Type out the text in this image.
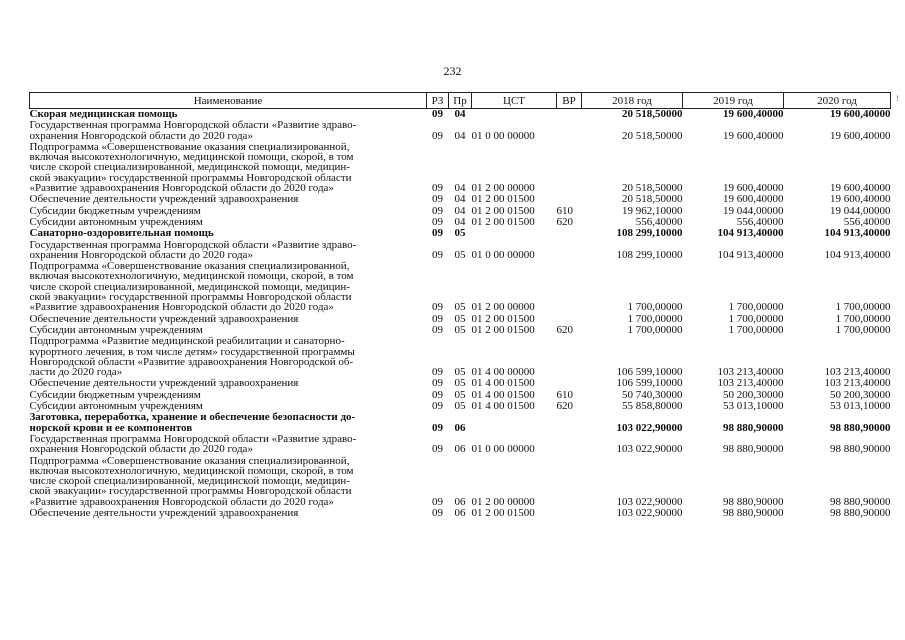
232
!
Наименование	РЗ	Пр	ЦСТ	ВР	2018 год	2019 год	2020 год
Скорая медицинская помощь	09	04			20 518,50000	19 600,40000	19 600,40000
Государственная программа Новгородской области «Развитие здраво-
охранения Новгородской области до 2020 года»	09	04	01 0 00 00000		20 518,50000	19 600,40000	19 600,40000
Подпрограмма «Совершенствование оказания специализированной,
включая высокотехнологичную, медицинской помощи, скорой, в том
числе скорой специализированной, медицинской помощи, медицин-
ской эвакуации» государственной программы Новгородской области
«Развитие здравоохранения Новгородской области до 2020 года»	09	04	01 2 00 00000		20 518,50000	19 600,40000	19 600,40000
Обеспечение деятельности учреждений здравоохранения	09	04	01 2 00 01500		20 518,50000	19 600,40000	19 600,40000
Субсидии бюджетным учреждениям	09	04	01 2 00 01500	610	19 962,10000	19 044,00000	19 044,00000
Субсидии автономным учреждениям	09	04	01 2 00 01500	620	556,40000	556,40000	556,40000
Санаторно-оздоровительная помощь	09	05			108 299,10000	104 913,40000	104 913,40000
Государственная программа Новгородской области «Развитие здраво-
охранения Новгородской области до 2020 года»	09	05	01 0 00 00000		108 299,10000	104 913,40000	104 913,40000
Подпрограмма «Совершенствование оказания специализированной,
включая высокотехнологичную, медицинской помощи, скорой, в том
числе скорой специализированной, медицинской помощи, медицин-
ской эвакуации» государственной программы Новгородской области
«Развитие здравоохранения Новгородской области до 2020 года»	09	05	01 2 00 00000		1 700,00000	1 700,00000	1 700,00000
Обеспечение деятельности учреждений здравоохранения	09	05	01 2 00 01500		1 700,00000	1 700,00000	1 700,00000
Субсидии автономным учреждениям	09	05	01 2 00 01500	620	1 700,00000	1 700,00000	1 700,00000
Подпрограмма «Развитие медицинской реабилитации и санаторно-
курортного лечения, в том числе детям» государственной программы
Новгородской области «Развитие здравоохранения Новгородской об-
ласти до 2020 года»	09	05	01 4 00 00000		106 599,10000	103 213,40000	103 213,40000
Обеспечение деятельности учреждений здравоохранения	09	05	01 4 00 01500		106 599,10000	103 213,40000	103 213,40000
Субсидии бюджетным учреждениям	09	05	01 4 00 01500	610	50 740,30000	50 200,30000	50 200,30000
Субсидии автономным учреждениям	09	05	01 4 00 01500	620	55 858,80000	53 013,10000	53 013,10000
Заготовка, переработка, хранение и обеспечение безопасности до-
норской крови и ее компонентов	09	06			103 022,90000	98 880,90000	98 880,90000
Государственная программа Новгородской области «Развитие здраво-
охранения Новгородской области до 2020 года»	09	06	01 0 00 00000		103 022,90000	98 880,90000	98 880,90000
Подпрограмма «Совершенствование оказания специализированной,
включая высокотехнологичную, медицинской помощи, скорой, в том
числе скорой специализированной, медицинской помощи, медицин-
ской эвакуации» государственной программы Новгородской области
«Развитие здравоохранения Новгородской области до 2020 года»	09	06	01 2 00 00000		103 022,90000	98 880,90000	98 880,90000
Обеспечение деятельности учреждений здравоохранения	09	06	01 2 00 01500		103 022,90000	98 880,90000	98 880,90000
